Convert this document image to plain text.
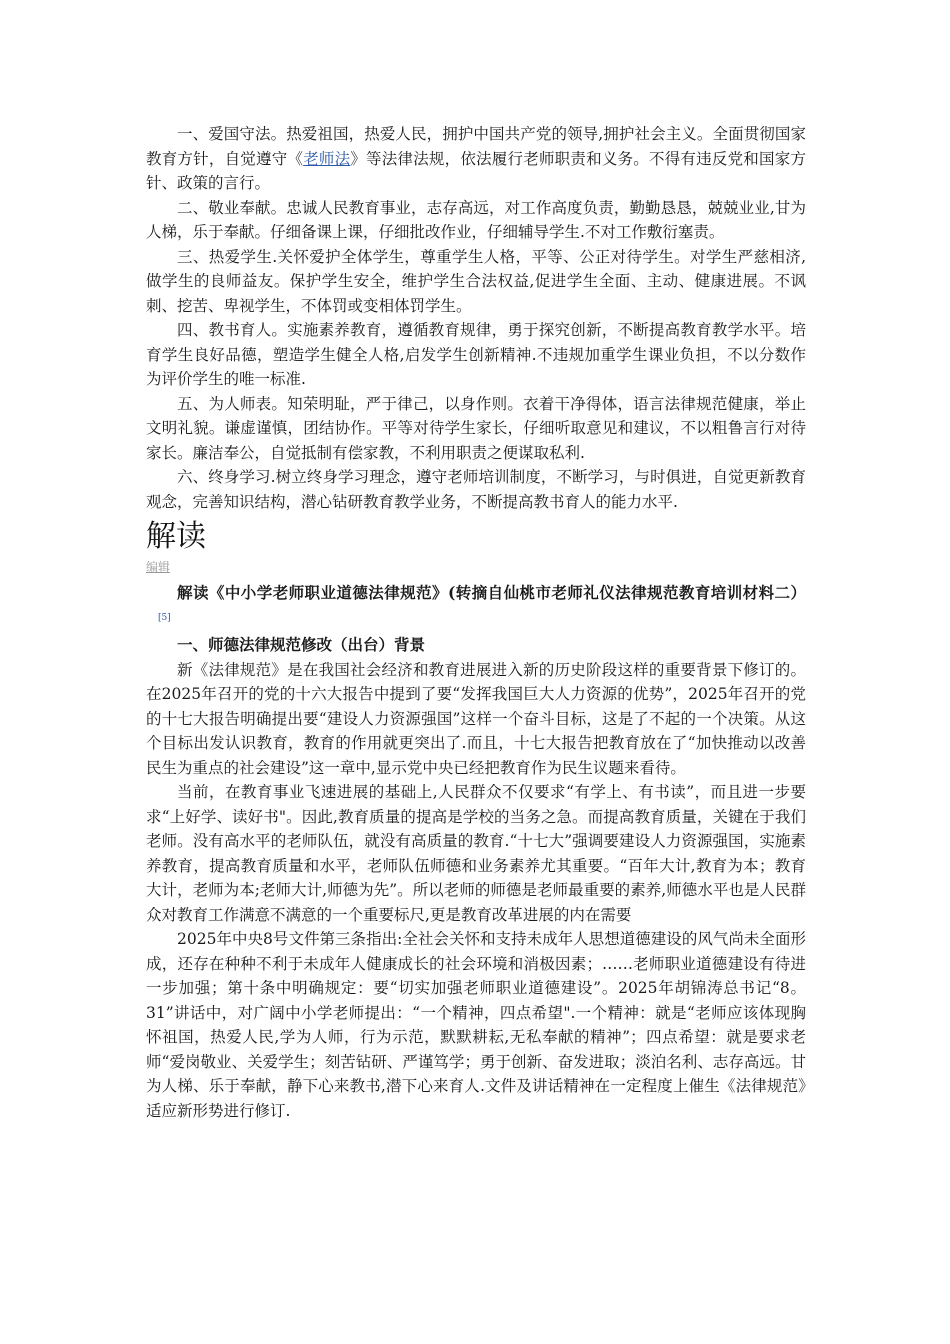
一、爱国守法。热爱祖国，热爱人民，拥护中国共产党的领导,拥护社会主义。全面贯彻国家教育方针，自觉遵守《老师法》等法律法规，依法履行老师职责和义务。不得有违反党和国家方针、政策的言行。

二、敬业奉献。忠诚人民教育事业，志存高远，对工作高度负责，勤勤恳恳，兢兢业业,甘为人梯，乐于奉献。仔细备课上课，仔细批改作业，仔细辅导学生.不对工作敷衍塞责。

三、热爱学生.关怀爱护全体学生，尊重学生人格，平等、公正对待学生。对学生严慈相济,做学生的良师益友。保护学生安全，维护学生合法权益,促进学生全面、主动、健康进展。不讽刺、挖苦、卑视学生，不体罚或变相体罚学生。

四、教书育人。实施素养教育，遵循教育规律，勇于探究创新，不断提高教育教学水平。培育学生良好品德，塑造学生健全人格,启发学生创新精神.不违规加重学生课业负担，不以分数作为评价学生的唯一标准.

五、为人师表。知荣明耻，严于律己，以身作则。衣着干净得体，语言法律规范健康，举止文明礼貌。谦虚谨慎，团结协作。平等对待学生家长，仔细听取意见和建议，不以粗鲁言行对待家长。廉洁奉公，自觉抵制有偿家教，不利用职责之便谋取私利.

六、终身学习.树立终身学习理念，遵守老师培训制度，不断学习，与时俱进，自觉更新教育观念，完善知识结构，潜心钻研教育教学业务，不断提高教书育人的能力水平.

解读
编辑

解读《中小学老师职业道德法律规范》(转摘自仙桃市老师礼仪法律规范教育培训材料二）[5]

一、师德法律规范修改（出台）背景

新《法律规范》是在我国社会经济和教育进展进入新的历史阶段这样的重要背景下修订的。在2025年召开的党的十六大报告中提到了要“发挥我国巨大人力资源的优势”，2025年召开的党的十七大报告明确提出要“建设人力资源强国”这样一个奋斗目标，这是了不起的一个决策。从这个目标出发认识教育，教育的作用就更突出了.而且，十七大报告把教育放在了“加快推动以改善民生为重点的社会建设”这一章中,显示党中央已经把教育作为民生议题来看待。

当前，在教育事业飞速进展的基础上,人民群众不仅要求“有学上、有书读”，而且进一步要求“上好学、读好书"。因此,教育质量的提高是学校的当务之急。而提高教育质量，关键在于我们老师。没有高水平的老师队伍，就没有高质量的教育.“十七大”强调要建设人力资源强国，实施素养教育，提高教育质量和水平，老师队伍师德和业务素养尤其重要。“百年大计,教育为本；教育大计，老师为本;老师大计,师德为先”。所以老师的师德是老师最重要的素养,师德水平也是人民群众对教育工作满意不满意的一个重要标尺,更是教育改革进展的内在需要

2025年中央8号文件第三条指出:全社会关怀和支持未成年人思想道德建设的风气尚未全面形成，还存在种种不利于未成年人健康成长的社会环境和消极因素；……老师职业道德建设有待进一步加强；第十条中明确规定：要“切实加强老师职业道德建设”。2025年胡锦涛总书记“8。31”讲话中，对广阔中小学老师提出：“一个精神，四点希望".一个精神：就是“老师应该体现胸怀祖国，热爱人民,学为人师，行为示范，默默耕耘,无私奉献的精神”；四点希望：就是要求老师“爱岗敬业、关爱学生；刻苦钻研、严谨笃学；勇于创新、奋发进取；淡泊名利、志存高远。甘为人梯、乐于奉献，静下心来教书,潜下心来育人.文件及讲话精神在一定程度上催生《法律规范》适应新形势进行修订.
